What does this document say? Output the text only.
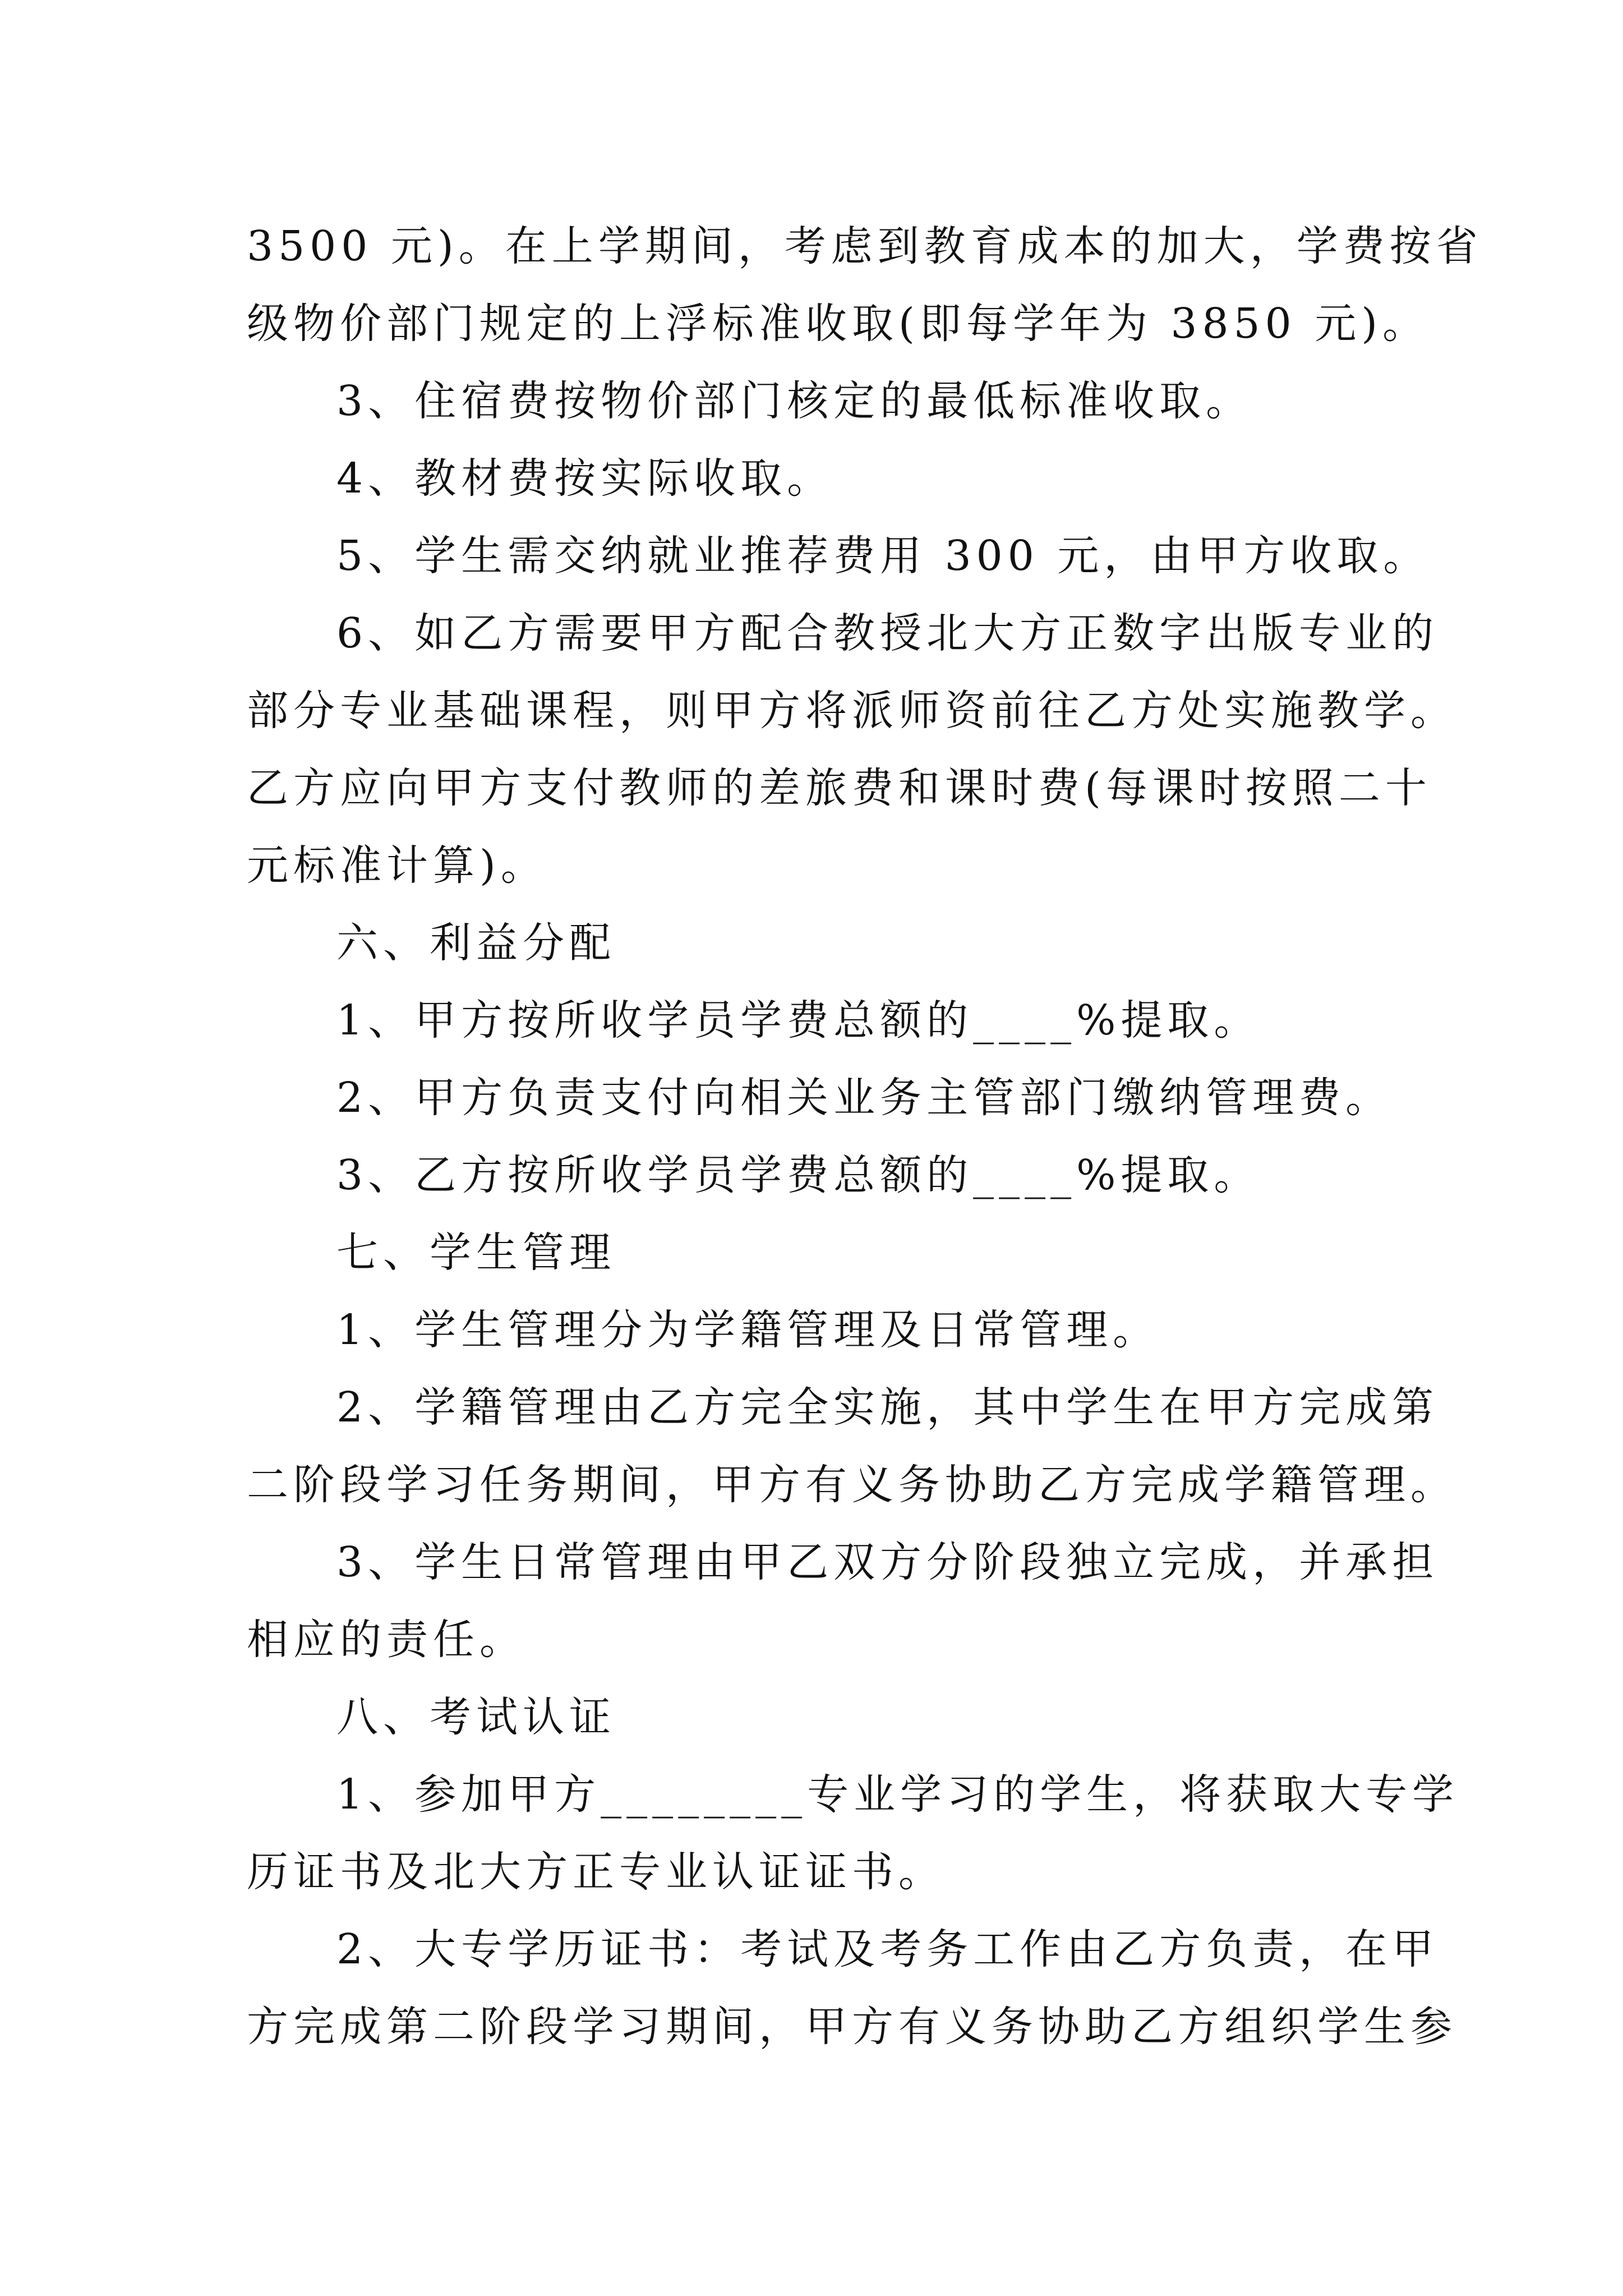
3500 元)。在上学期间，考虑到教育成本的加大，学费按省
级物价部门规定的上浮标准收取(即每学年为 3850 元)。
3、住宿费按物价部门核定的最低标准收取。
4、教材费按实际收取。
5、学生需交纳就业推荐费用 300 元，由甲方收取。
6、如乙方需要甲方配合教授北大方正数字出版专业的
部分专业基础课程，则甲方将派师资前往乙方处实施教学。
乙方应向甲方支付教师的差旅费和课时费(每课时按照二十
元标准计算)。
六、利益分配
1、甲方按所收学员学费总额的____%提取。
2、甲方负责支付向相关业务主管部门缴纳管理费。
3、乙方按所收学员学费总额的____%提取。
七、学生管理
1、学生管理分为学籍管理及日常管理。
2、学籍管理由乙方完全实施，其中学生在甲方完成第
二阶段学习任务期间，甲方有义务协助乙方完成学籍管理。
3、学生日常管理由甲乙双方分阶段独立完成，并承担
相应的责任。
八、考试认证
1、参加甲方________专业学习的学生，将获取大专学
历证书及北大方正专业认证证书。
2、大专学历证书：考试及考务工作由乙方负责，在甲
方完成第二阶段学习期间，甲方有义务协助乙方组织学生参
